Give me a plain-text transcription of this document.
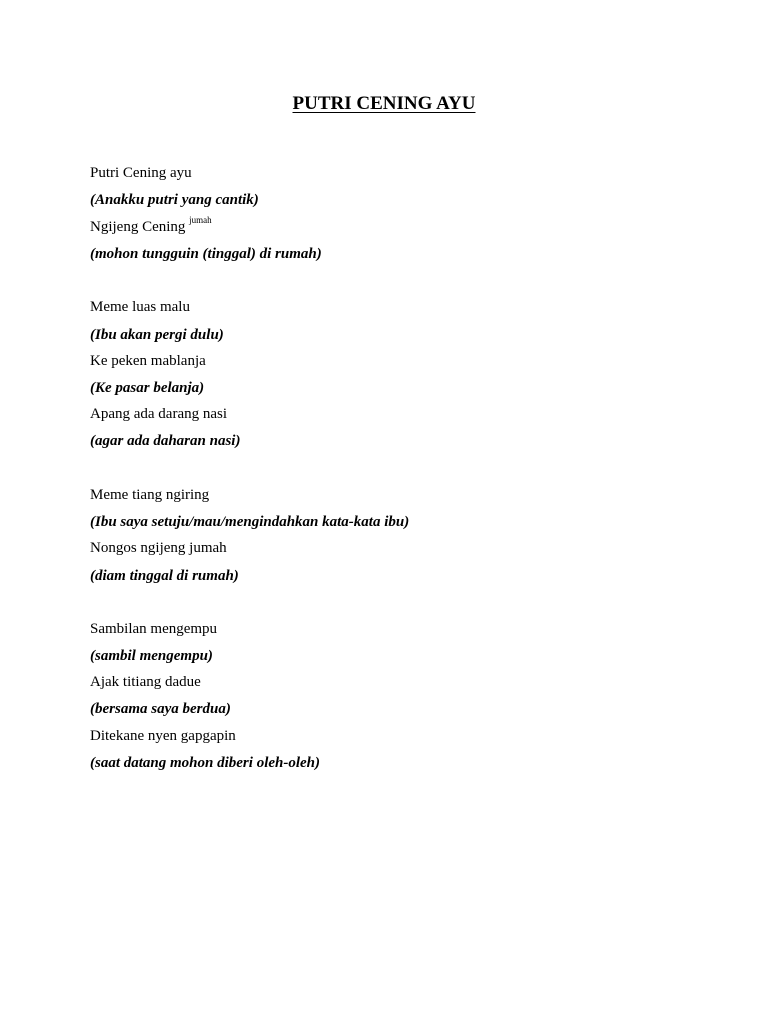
PUTRI CENING AYU
Putri Cening ayu
(Anakku putri yang cantik)
Ngijeng Cening $^{jumah}$
(mohon tungguin (tinggal) di rumah)
Meme luas malu
(Ibu akan pergi dulu)
Ke peken mablanja
(Ke pasar belanja)
Apang ada darang nasi
(agar ada daharan nasi)
Meme tiang ngiring
(Ibu saya setuju/mau/mengindahkan kata-kata ibu)
Nongos ngijeng jumah
(diam tinggal di rumah)
Sambilan mengempu
(sambil mengempu)
Ajak titiang dadue
(bersama saya berdua)
Ditekane nyen gapgapin
(saat datang mohon diberi oleh-oleh)
